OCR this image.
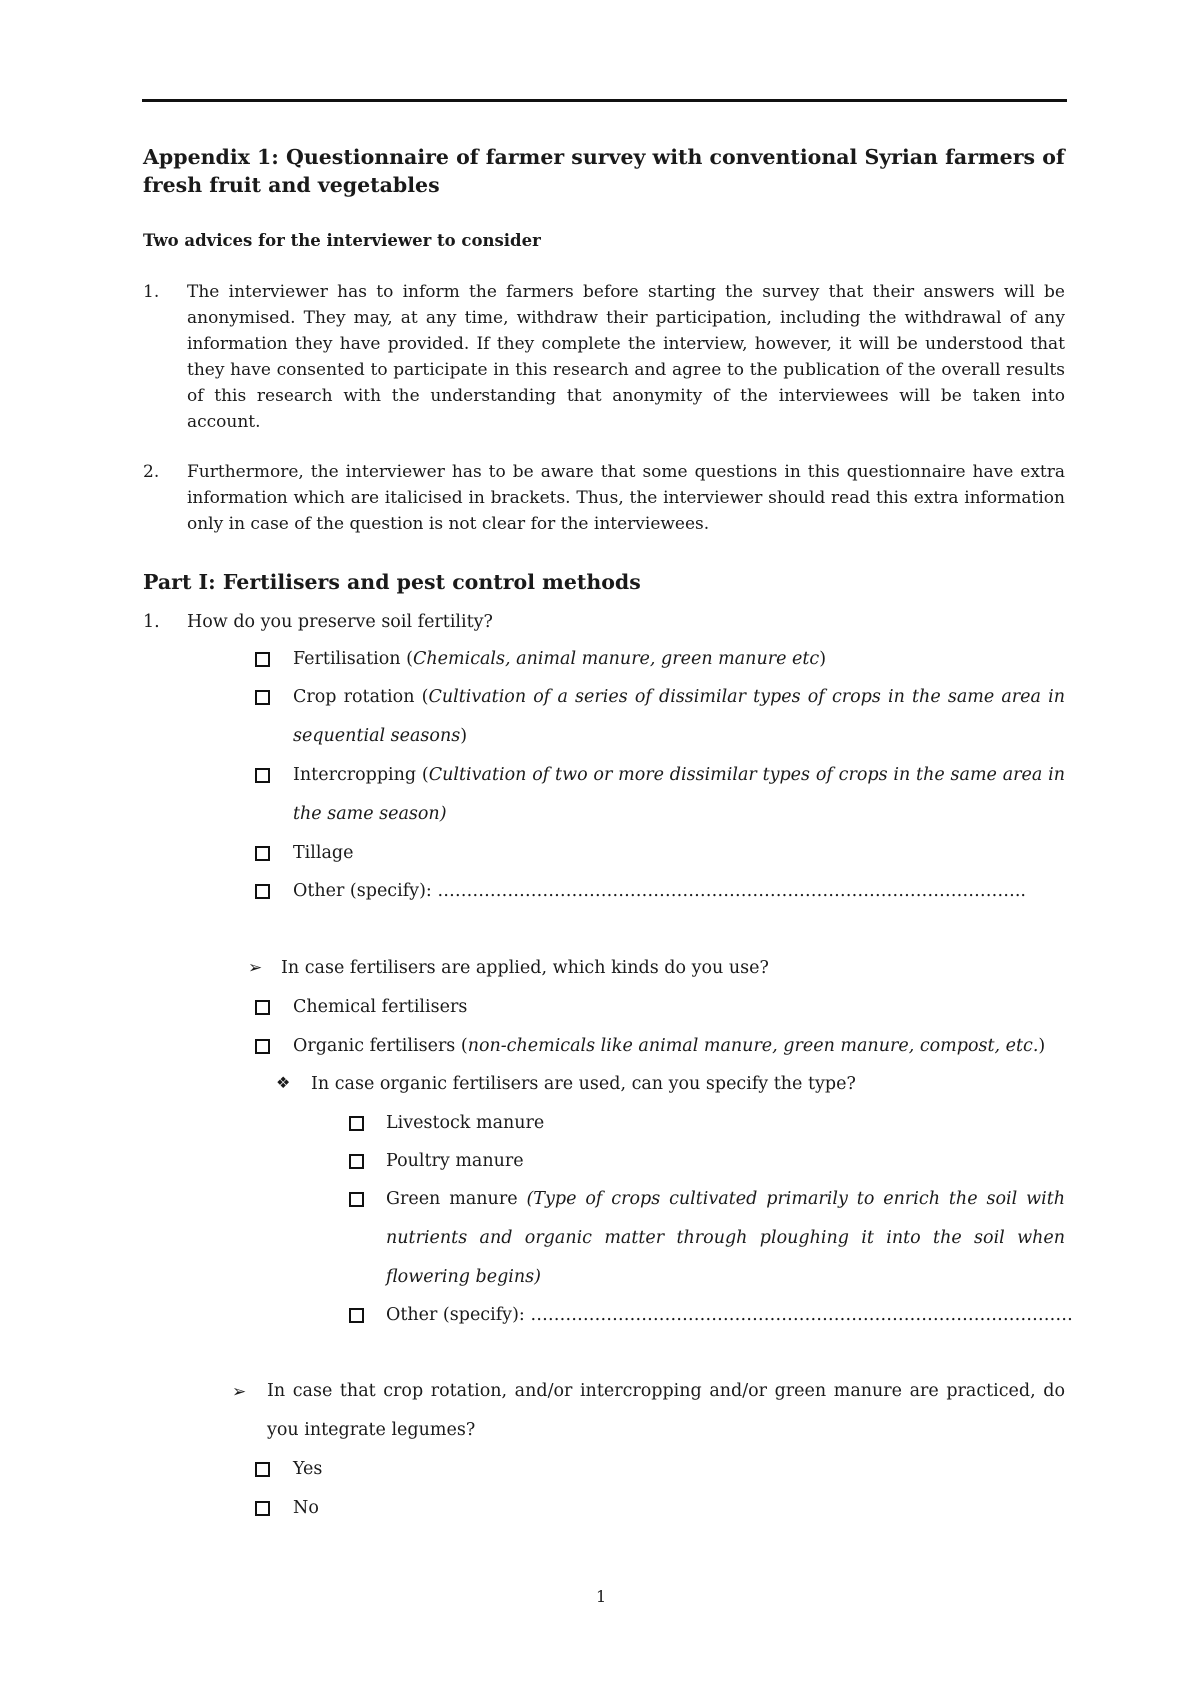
Appendix 1: Questionnaire of farmer survey with conventional Syrian farmers of fresh fruit and vegetables
Two advices for the interviewer to consider
1. The interviewer has to inform the farmers before starting the survey that their answers will be anonymised. They may, at any time, withdraw their participation, including the withdrawal of any information they have provided. If they complete the interview, however, it will be understood that they have consented to participate in this research and agree to the publication of the overall results of this research with the understanding that anonymity of the interviewees will be taken into account.
2. Furthermore, the interviewer has to be aware that some questions in this questionnaire have extra information which are italicised in brackets. Thus, the interviewer should read this extra information only in case of the question is not clear for the interviewees.
Part I: Fertilisers and pest control methods
1. How do you preserve soil fertility?
Fertilisation (Chemicals, animal manure, green manure etc)
Crop rotation (Cultivation of a series of dissimilar types of crops in the same area in sequential seasons)
Intercropping (Cultivation of two or more dissimilar types of crops in the same area in the same season)
Tillage
Other (specify): ………………………………………………………………………………………..
➢ In case fertilisers are applied, which kinds do you use?
Chemical fertilisers
Organic fertilisers (non-chemicals like animal manure, green manure, compost, etc.)
❖ In case organic fertilisers are used, can you specify the type?
Livestock manure
Poultry manure
Green manure (Type of crops cultivated primarily to enrich the soil with nutrients and organic matter through ploughing it into the soil when flowering begins)
Other (specify): …………………………………………………………………………………
➢ In case that crop rotation, and/or intercropping and/or green manure are practiced, do you integrate legumes?
Yes
No
1
